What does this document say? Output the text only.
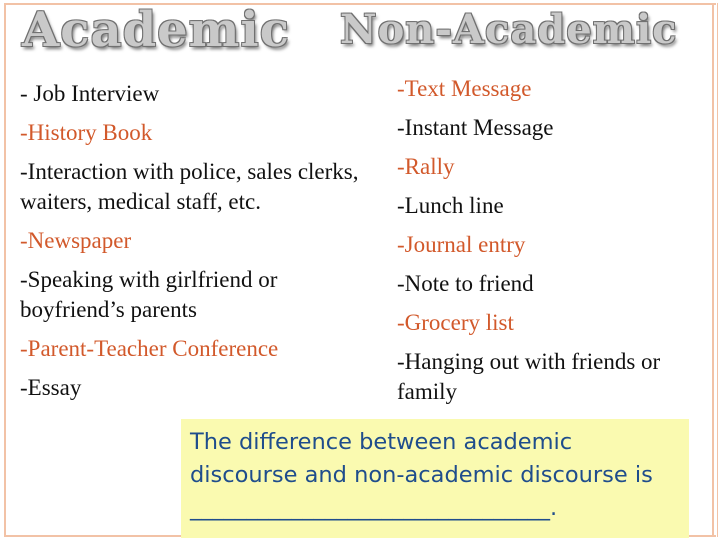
Academic Non-Academic
- Job Interview
-History Book
-Interaction with police, sales clerks, waiters, medical staff, etc.
-Newspaper
-Speaking with girlfriend or boyfriend’s parents
-Parent-Teacher Conference
-Essay
-Text Message
-Instant Message
-Rally
-Lunch line
-Journal entry
-Note to friend
-Grocery list
-Hanging out with friends or family
The difference between academic discourse and non-academic discourse is ________________________________.
